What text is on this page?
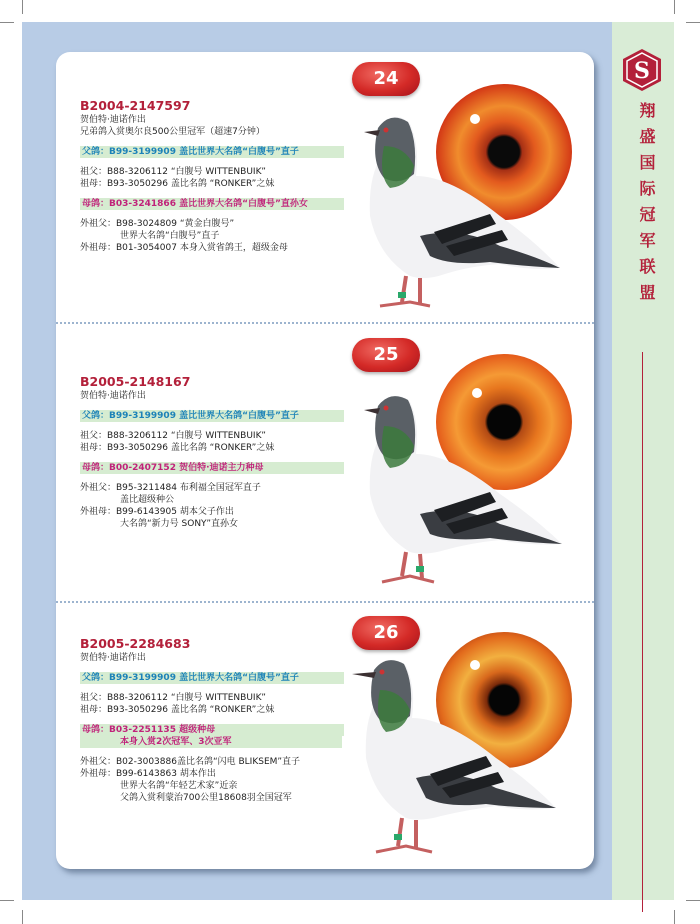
S
翔盛国际冠军联盟
24
B2004-2147597
贺伯特·迪诺作出
兄弟鸽入赏奥尔良500公里冠军（超速7分钟）
父鸽：B99-3199909 盖比世界大名鸽“白腹号”直子
祖父：B88-3206112 “白腹号 WITTENBUIK”
祖母：B93-3050296 盖比名鸽 “RONKER”之妹
母鸽：B03-3241866 盖比世界大名鸽“白腹号”直孙女
外祖父：B98-3024809 “黄金白腹号”
世界大名鸽“白腹号”直子
外祖母：B01-3054007 本身入赏省鸽王，超级金母
25
B2005-2148167
贺伯特·迪诺作出
父鸽：B99-3199909 盖比世界大名鸽“白腹号”直子
祖父：B88-3206112 “白腹号 WITTENBUIK”
祖母：B93-3050296 盖比名鸽 “RONKER”之妹
母鸽：B00-2407152 贺伯特·迪诺主力种母
外祖父：B95-3211484 布利福全国冠军直子
盖比超级种公
外祖母：B99-6143905 胡本父子作出
大名鸽“新力号 SONY”直孙女
26
B2005-2284683
贺伯特·迪诺作出
父鸽：B99-3199909 盖比世界大名鸽“白腹号”直子
祖父：B88-3206112 “白腹号 WITTENBUIK”
祖母：B93-3050296 盖比名鸽 “RONKER”之妹
母鸽：B03-2251135 超级种母
本身入赏2次冠军、3次亚军
外祖父：B02-3003886盖比名鸽“闪电 BLIKSEM”直子
外祖母：B99-6143863 胡本作出
世界大名鸽“年轻艺术家”近亲
父鸽入赏利蒙治700公里18608羽全国冠军
